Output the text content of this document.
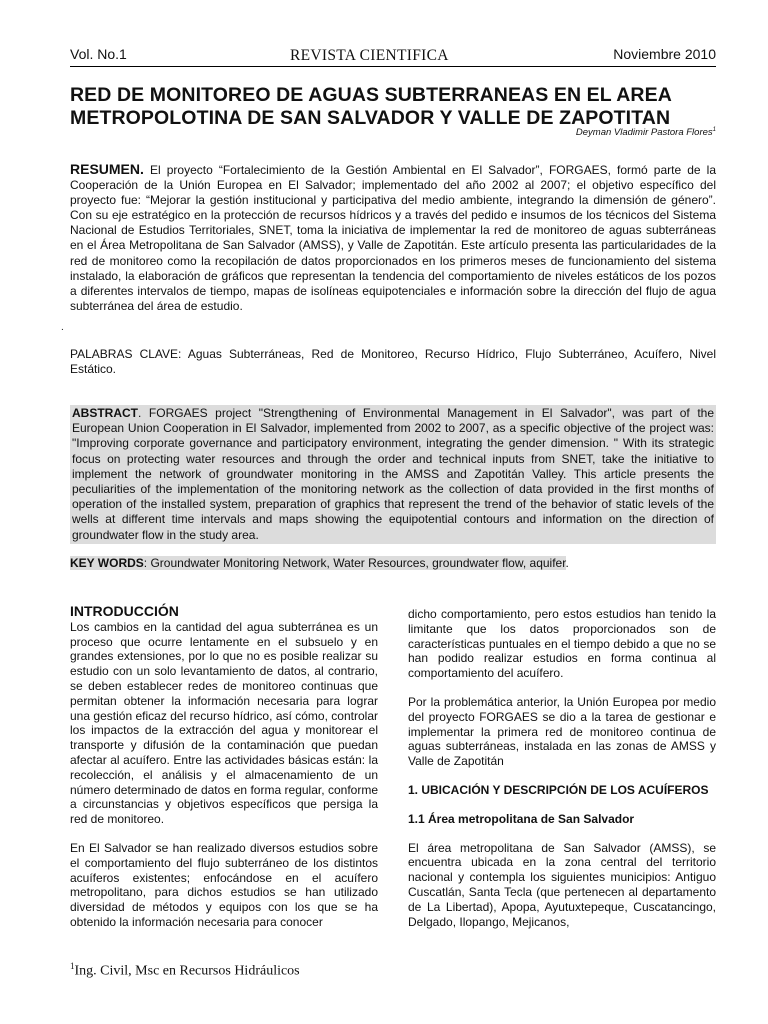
Vol. No.1	REVISTA CIENTIFICA	Noviembre 2010
RED DE MONITOREO DE AGUAS SUBTERRANEAS EN EL AREA
METROPOLOTINA DE SAN SALVADOR Y VALLE DE ZAPOTITAN
Deyman Vladimir Pastora Flores$^1$
RESUMEN. El proyecto “Fortalecimiento de la Gestión Ambiental en El Salvador”, FORGAES, formó parte de la Cooperación de la Unión Europea en El Salvador; implementado del año 2002 al 2007; el objetivo específico del proyecto fue: “Mejorar la gestión institucional y participativa del medio ambiente, integrando la dimensión de género”. Con su eje estratégico en la protección de recursos hídricos y a través del pedido e insumos de los técnicos del Sistema Nacional de Estudios Territoriales, SNET, toma la iniciativa de implementar la red de monitoreo de aguas subterráneas en el Área Metropolitana de San Salvador (AMSS), y Valle de Zapotitán. Este artículo presenta las particularidades de la red de monitoreo como la recopilación de datos proporcionados en los primeros meses de funcionamiento del sistema instalado, la elaboración de gráficos que representan la tendencia del comportamiento de niveles estáticos de los pozos a diferentes intervalos de tiempo, mapas de isolíneas equipotenciales e información sobre la dirección del flujo de agua subterránea del área de estudio.
.
PALABRAS CLAVE: Aguas Subterráneas, Red de Monitoreo, Recurso Hídrico, Flujo Subterráneo, Acuífero, Nivel Estático.
ABSTRACT. FORGAES project "Strengthening of Environmental Management in El Salvador", was part of the European Union Cooperation in El Salvador, implemented from 2002 to 2007, as a specific objective of the project was: "Improving corporate governance and participatory environment, integrating the gender dimension. " With its strategic focus on protecting water resources and through the order and technical inputs from SNET, take the initiative to implement the network of groundwater monitoring in the AMSS and Zapotitán Valley. This article presents the peculiarities of the implementation of the monitoring network as the collection of data provided in the first months of operation of the installed system, preparation of graphics that represent the trend of the behavior of static levels of the wells at different time intervals and maps showing the equipotential contours and information on the direction of groundwater flow in the study area.
KEY WORDS: Groundwater Monitoring Network, Water Resources, groundwater flow, aquifer.
INTRODUCCIÓN

Los cambios en la cantidad del agua subterránea es un proceso que ocurre lentamente en el subsuelo y en grandes extensiones, por lo que no es posible realizar su estudio con un solo levantamiento de datos, al contrario, se deben establecer redes de monitoreo continuas que permitan obtener la información necesaria para lograr una gestión eficaz del recurso hídrico, así cómo, controlar los impactos de la extracción del agua y monitorear el transporte y difusión de la contaminación que puedan afectar al acuífero. Entre las actividades básicas están: la recolección, el análisis y el almacenamiento de un número determinado de datos en forma regular, conforme a circunstancias y objetivos específicos que persiga la red de monitoreo.

En El Salvador se han realizado diversos estudios sobre el comportamiento del flujo subterráneo de los distintos acuíferos existentes; enfocándose en el acuífero metropolitano, para dichos estudios se han utilizado diversidad de métodos y equipos con los que se ha obtenido la información necesaria para conocer

dicho comportamiento, pero estos estudios han tenido la limitante que los datos proporcionados son de características puntuales en el tiempo debido a que no se han podido realizar estudios en forma continua al comportamiento del acuífero.

Por la problemática anterior, la Unión Europea por medio del proyecto FORGAES se dio a la tarea de gestionar e implementar la primera red de monitoreo continua de aguas subterráneas, instalada en las zonas de AMSS y Valle de Zapotitán

1. UBICACIÓN Y DESCRIPCIÓN DE LOS ACUÍFEROS
1.1 Área metropolitana de San Salvador

El área metropolitana de San Salvador (AMSS), se encuentra ubicada en la zona central del territorio nacional y contempla los siguientes municipios: Antiguo Cuscatlán, Santa Tecla (que pertenecen al departamento de La Libertad), Apopa, Ayutuxtepeque, Cuscatancingo, Delgado, Ilopango, Mejicanos,

$^1$Ing. Civil, Msc en Recursos Hidráulicos
